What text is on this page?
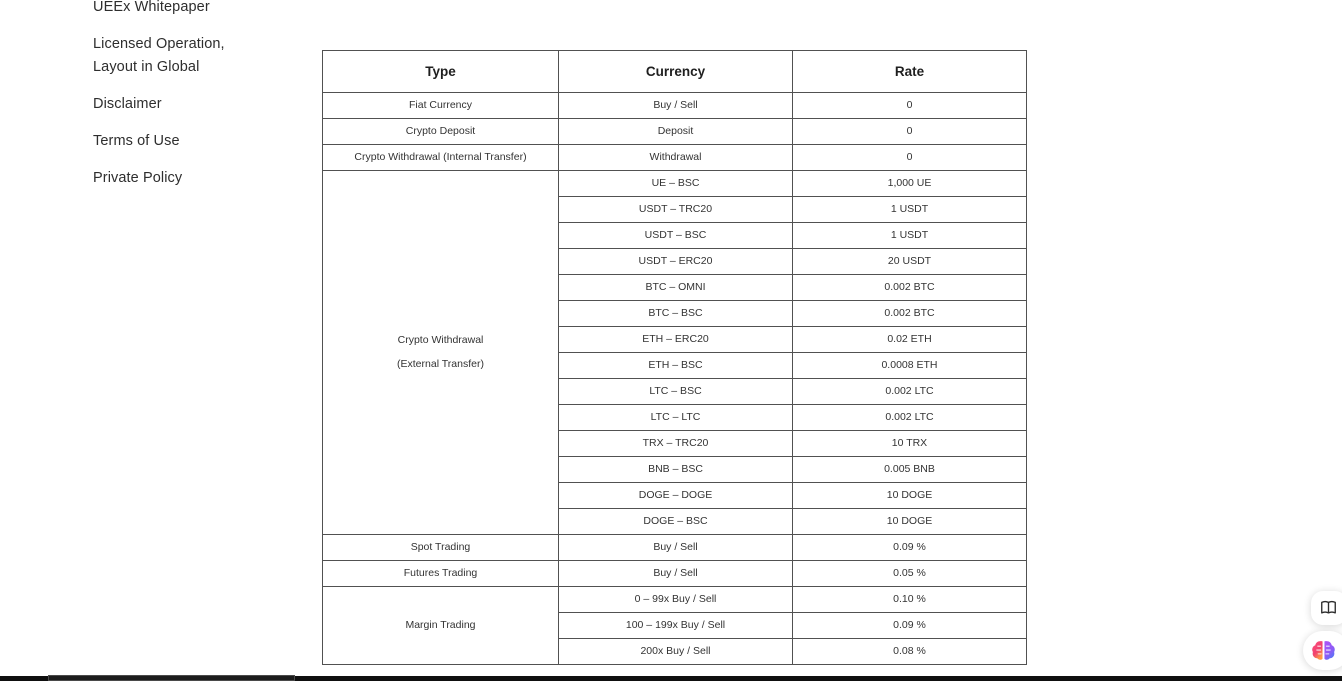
UEEx Whitepaper
Licensed Operation, Layout in Global
Disclaimer
Terms of Use
Private Policy
Type	Currency	Rate
Fiat Currency	Buy / Sell	0
Crypto Deposit	Deposit	0
Crypto Withdrawal (Internal Transfer)	Withdrawal	0

Crypto Withdrawal
(External Transfer)	UE – BSC	1,000 UE
	USDT – TRC20	1 USDT
	USDT – BSC	1 USDT
	USDT – ERC20	20 USDT
	BTC – OMNI	0.002 BTC
	BTC – BSC	0.002 BTC
	ETH – ERC20	0.02 ETH
	ETH – BSC	0.0008 ETH
	LTC – BSC	0.002 LTC
	LTC – LTC	0.002 LTC
	TRX – TRC20	10 TRX
	BNB – BSC	0.005 BNB
	DOGE – DOGE	10 DOGE
	DOGE – BSC	10 DOGE
Spot Trading	Buy / Sell	0.09 %
Futures Trading	Buy / Sell	0.05 %
Margin Trading	0 – 99x Buy / Sell	0.10 %
	100 – 199x Buy / Sell	0.09 %
	200x Buy / Sell	0.08 %
